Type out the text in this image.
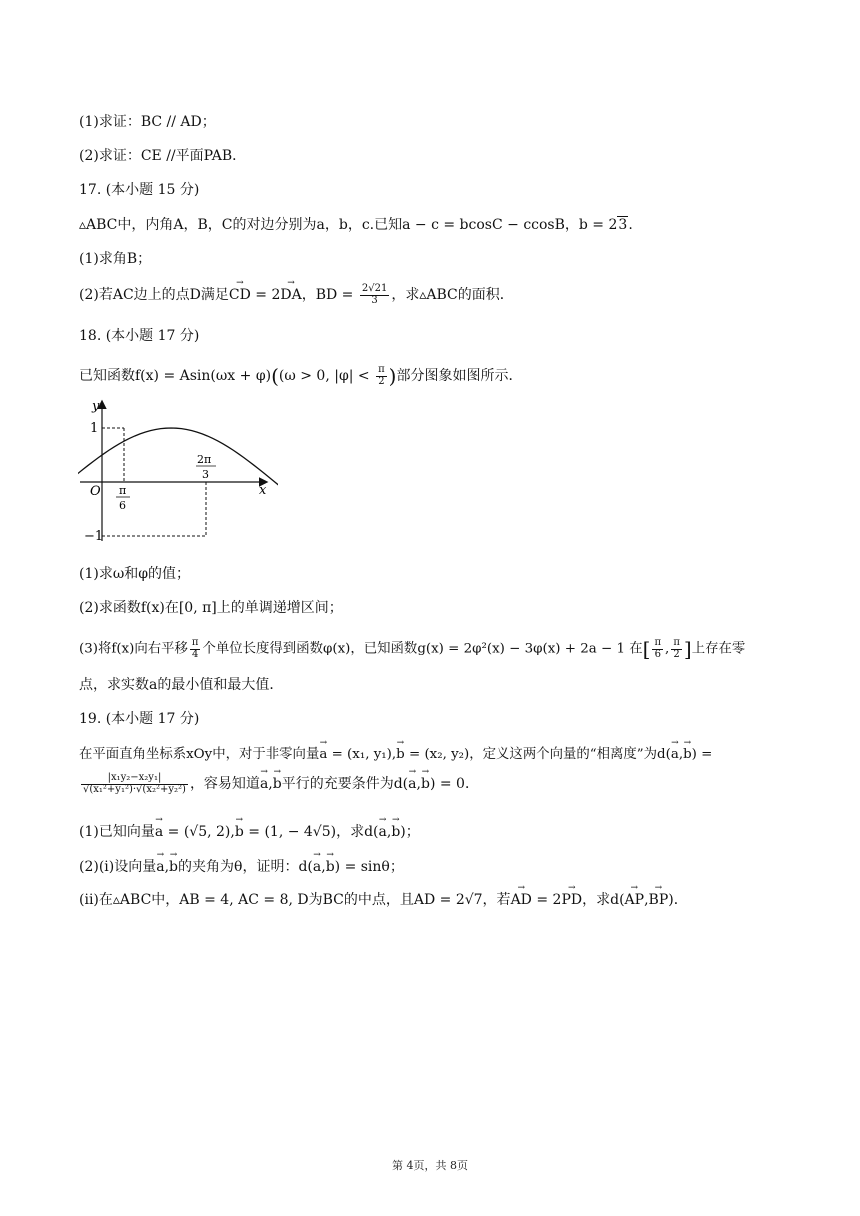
(1)求证：BC // AD；
(2)求证：CE //平面PAB．
17. (本小题 15 分)
▵ABC中，内角A，B，C的对边分别为a，b，c.已知a − c = bcosC − ccosB，b = 23.
(1)求角B；
(2)若AC边上的点D满足→ CD = 2→ DA，BD = $\frac{2√21}{3}$ ，求▵ABC的面积．
18. (本小题 17 分)
已知函数f(x) = Asin(ωx + φ)((ω > 0, $|\varphi| < \frac{\pi}{2}$ )部分图象如图所示．
y
x
O
1
−1
π
6
2π
3
(1)求ω和φ的值；
(2)求函数f(x)在[0, π]上的单调递增区间；
(3)将f(x)向右平移 $\frac{\pi}{4}$ 个单位长度得到函数φ(x)，已知函数g(x) = 2φ²(x) − 3φ(x) + 2a − 1 在[ $\frac{\pi}{6}$ , $\frac{\pi}{2}$ ]上存在零
点，求实数a的最小值和最大值．
19. (本小题 17 分)
在平面直角坐标系xOy中，对于非零向量→ a = (x₁, y₁),→ b = (x₂, y₂)，定义这两个向量的“相离度”为d(→ a,→ b) =
$\frac{\text{|x₁y₂−x₂y₁|}}{\text{√(x₁²+y₁²)·√(x₂²+y₂²)}}$ ，容易知道→ a,→ b平行的充要条件为d(→ a,→ b) = 0．
(1)已知向量→ a = (√5, 2),→ b = (1, − 4√5)，求d(→ a,→ b)；
(2)(i)设向量→ a,→ b的夹角为θ，证明：d(→ a,→ b) = sinθ；
(ii)在▵ABC中，AB = 4, AC = 8, D为BC的中点，且AD = 2√7，若→ AD = 2→ PD，求d(→ AP,→ BP)．
第 4页，共 8页
